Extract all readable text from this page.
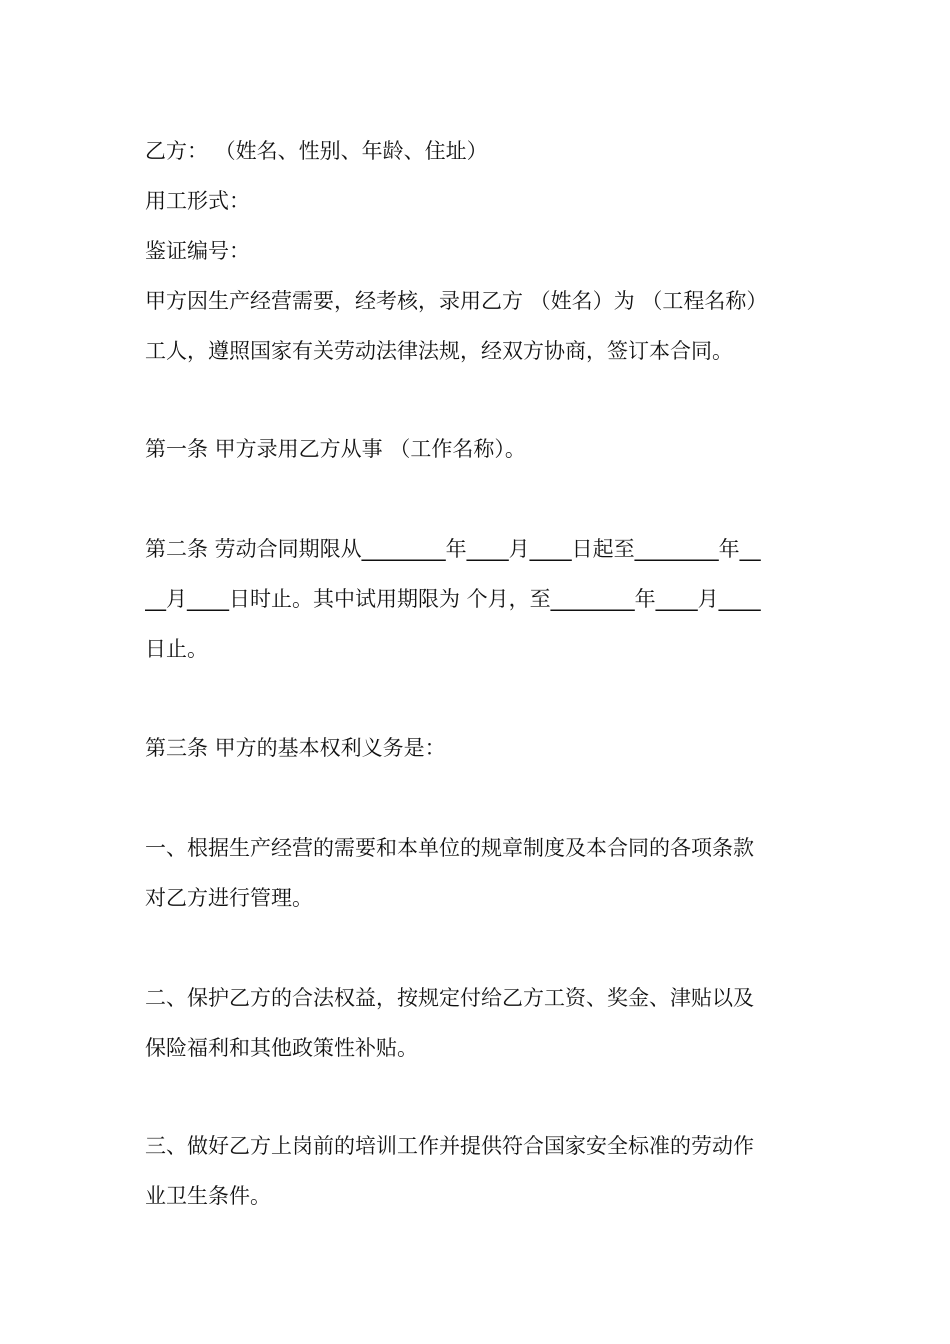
乙方： （姓名、性别、年龄、住址）
用工形式：
鉴证编号：
甲方因生产经营需要，经考核，录用乙方 （姓名）为 （工程名称）
工人，遵照国家有关劳动法律法规，经双方协商，签订本合同。
第一条 甲方录用乙方从事 （工作名称）。
第二条 劳动合同期限从________年____月____日起至________年__
__月____日时止。其中试用期限为 个月，至________年____月____
日止。
第三条 甲方的基本权利义务是：
一、根据生产经营的需要和本单位的规章制度及本合同的各项条款
对乙方进行管理。
二、保护乙方的合法权益，按规定付给乙方工资、奖金、津贴以及
保险福利和其他政策性补贴。
三、做好乙方上岗前的培训工作并提供符合国家安全标准的劳动作
业卫生条件。
